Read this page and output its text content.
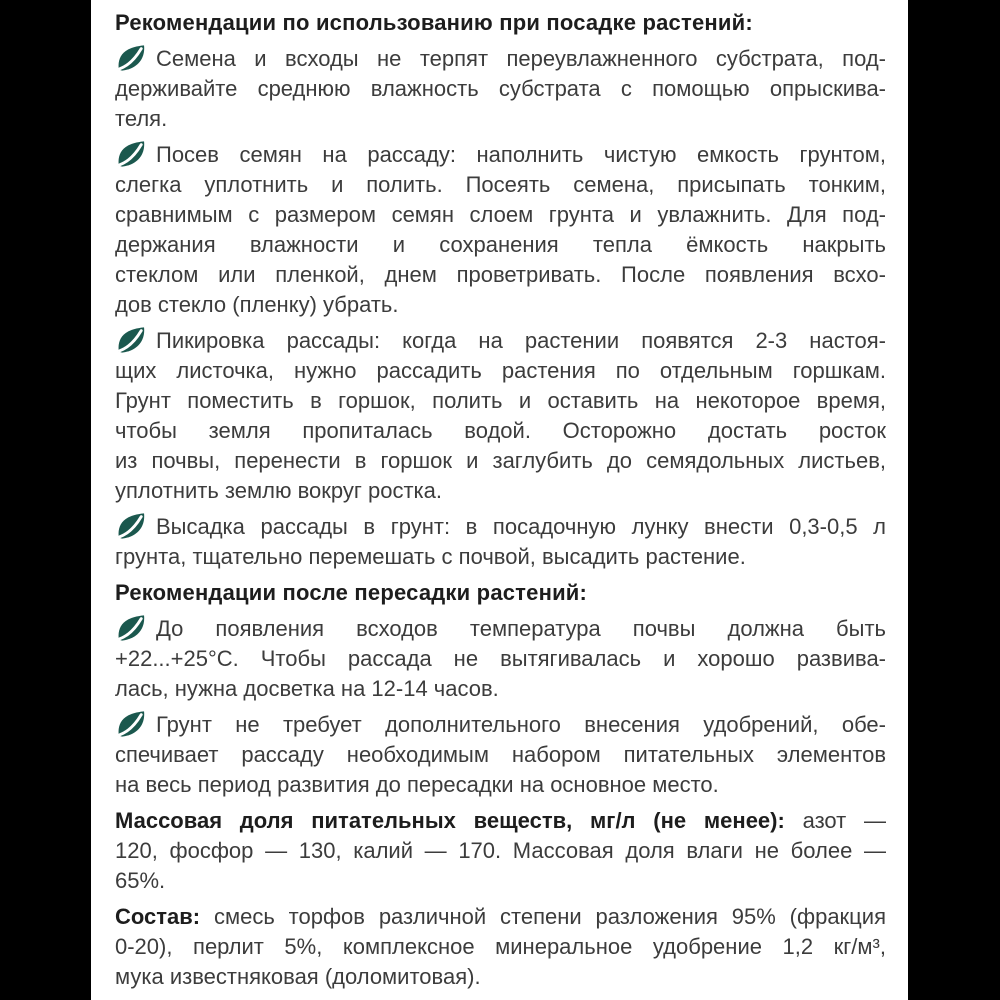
Рекомендации по использованию при посадке растений:
Семена и всходы не терпят переувлажненного субстрата, под-
держивайте среднюю влажность субстрата с помощью опрыскива-
теля.
Посев семян на рассаду: наполнить чистую емкость грунтом,
слегка уплотнить и полить. Посеять семена, присыпать тонким,
сравнимым с размером семян слоем грунта и увлажнить. Для под-
держания влажности и сохранения тепла ёмкость накрыть
стеклом или пленкой, днем проветривать. После появления всхо-
дов стекло (пленку) убрать.
Пикировка рассады: когда на растении появятся 2-3 настоя-
щих листочка, нужно рассадить растения по отдельным горшкам.
Грунт поместить в горшок, полить и оставить на некоторое время,
чтобы земля пропиталась водой. Осторожно достать росток
из почвы, перенести в горшок и заглубить до семядольных листьев,
уплотнить землю вокруг ростка.
Высадка рассады в грунт: в посадочную лунку внести 0,3-0,5 л
грунта, тщательно перемешать с почвой, высадить растение.
Рекомендации после пересадки растений:
До появления всходов температура почвы должна быть
+22...+25°C. Чтобы рассада не вытягивалась и хорошо развива-
лась, нужна досветка на 12-14 часов.
Грунт не требует дополнительного внесения удобрений, обе-
спечивает рассаду необходимым набором питательных элементов
на весь период развития до пересадки на основное место.
Массовая доля питательных веществ, мг/л (не менее): азот —
120, фосфор — 130, калий — 170. Массовая доля влаги не более —
65%.
Состав: смесь торфов различной степени разложения 95% (фракция
0-20), перлит 5%, комплексное минеральное удобрение 1,2 кг/м³,
мука известняковая (доломитовая).
